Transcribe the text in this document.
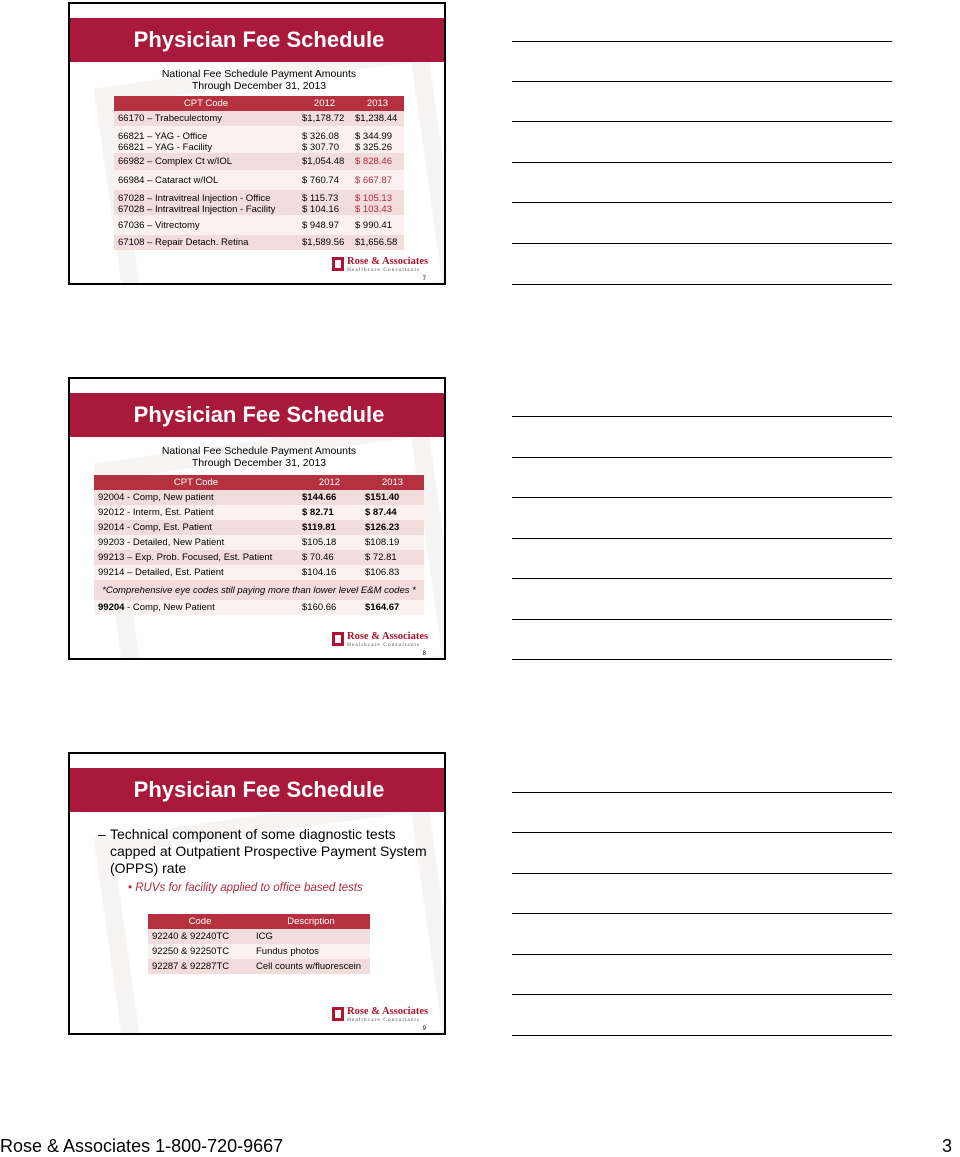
Physician Fee Schedule
National Fee Schedule Payment Amounts
Through December 31, 2013
CPT Code	2012	2013
66170 – Trabeculectomy	$1,178.72	$1,238.44

66821 – YAG - Office	$ 326.08	$ 344.99
66821 – YAG - Facility	$ 307.70	$ 325.26
66982 – Complex Ct w/IOL	$1,054.48	$ 828.46
66984 – Cataract w/IOL	$ 760.74	$ 667.87
67028 – Intravitreal Injection - Office	$ 115.73	$ 105.13
67028 – Intravitreal Injection - Facility	$ 104.16	$ 103.43
67036 – Vitrectomy	$ 948.97	$ 990.41
67108 – Repair Detach. Retina	$1,589.56	$1,656.58
Rose & Associates
Healthcare Consultants
7
Physician Fee Schedule
National Fee Schedule Payment Amounts
Through December 31, 2013
CPT Code	2012	2013
92004 - Comp, New patient	$144.66	$151.40
92012 - Interm, Est. Patient	$ 82.71	$ 87.44
92014 - Comp, Est. Patient	$119.81	$126.23
99203 - Detailed, New Patient	$105.18	$108.19
99213 – Exp. Prob. Focused, Est. Patient	$ 70.46	$ 72.81
99214 – Detailed, Est. Patient	$104.16	$106.83
*Comprehensive eye codes still paying more than lower level E&M codes *		
99204 - Comp, New Patient	$160.66	$164.67
Rose & Associates
Healthcare Consultants
8
Physician Fee Schedule
– Technical component of some diagnostic tests capped at Outpatient Prospective Payment System (OPPS) rate
• RUVs for facility applied to office based tests
Code	Description
92240 & 92240TC	ICG
92250 & 92250TC	Fundus photos
92287 & 92287TC	Cell counts w/fluorescein
Rose & Associates
Healthcare Consultants
9
Rose & Associates 1-800-720-9667	3
